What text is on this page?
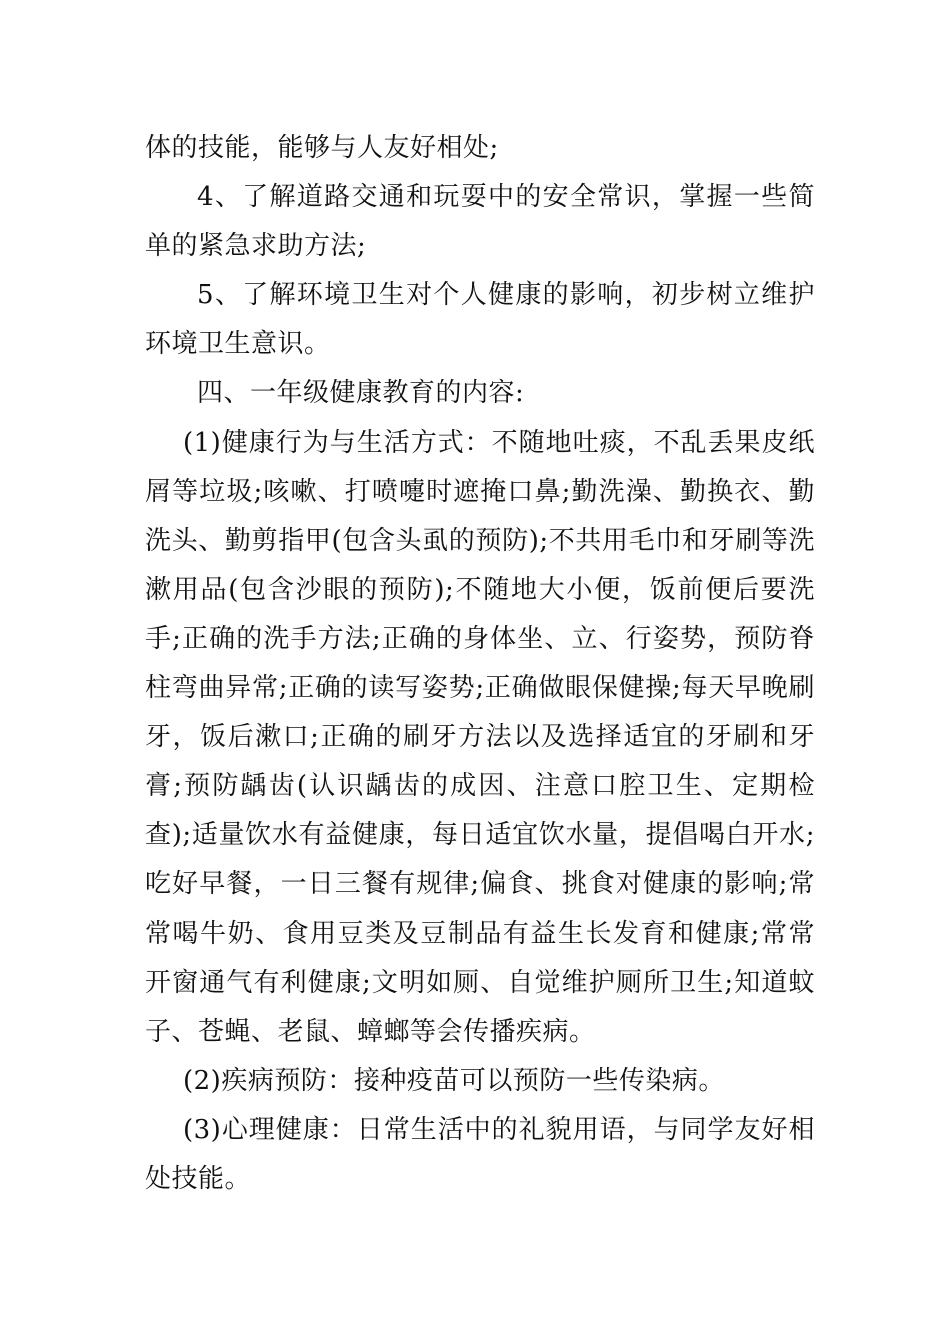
体的技能，能够与人友好相处;

4、了解道路交通和玩耍中的安全常识，掌握一些简单的紧急求助方法;

5、了解环境卫生对个人健康的影响，初步树立维护环境卫生意识。

四、一年级健康教育的内容:

(1)健康行为与生活方式：不随地吐痰，不乱丢果皮纸屑等垃圾;咳嗽、打喷嚏时遮掩口鼻;勤洗澡、勤换衣、勤洗头、勤剪指甲(包含头虱的预防);不共用毛巾和牙刷等洗漱用品(包含沙眼的预防);不随地大小便，饭前便后要洗手;正确的洗手方法;正确的身体坐、立、行姿势，预防脊柱弯曲异常;正确的读写姿势;正确做眼保健操;每天早晚刷牙，饭后漱口;正确的刷牙方法以及选择适宜的牙刷和牙膏;预防龋齿(认识龋齿的成因、注意口腔卫生、定期检查);适量饮水有益健康，每日适宜饮水量，提倡喝白开水;吃好早餐，一日三餐有规律;偏食、挑食对健康的影响;常常喝牛奶、食用豆类及豆制品有益生长发育和健康;常常开窗通气有利健康;文明如厕、自觉维护厕所卫生;知道蚊子、苍蝇、老鼠、蟑螂等会传播疾病。

(2)疾病预防：接种疫苗可以预防一些传染病。

(3)心理健康：日常生活中的礼貌用语，与同学友好相处技能。
